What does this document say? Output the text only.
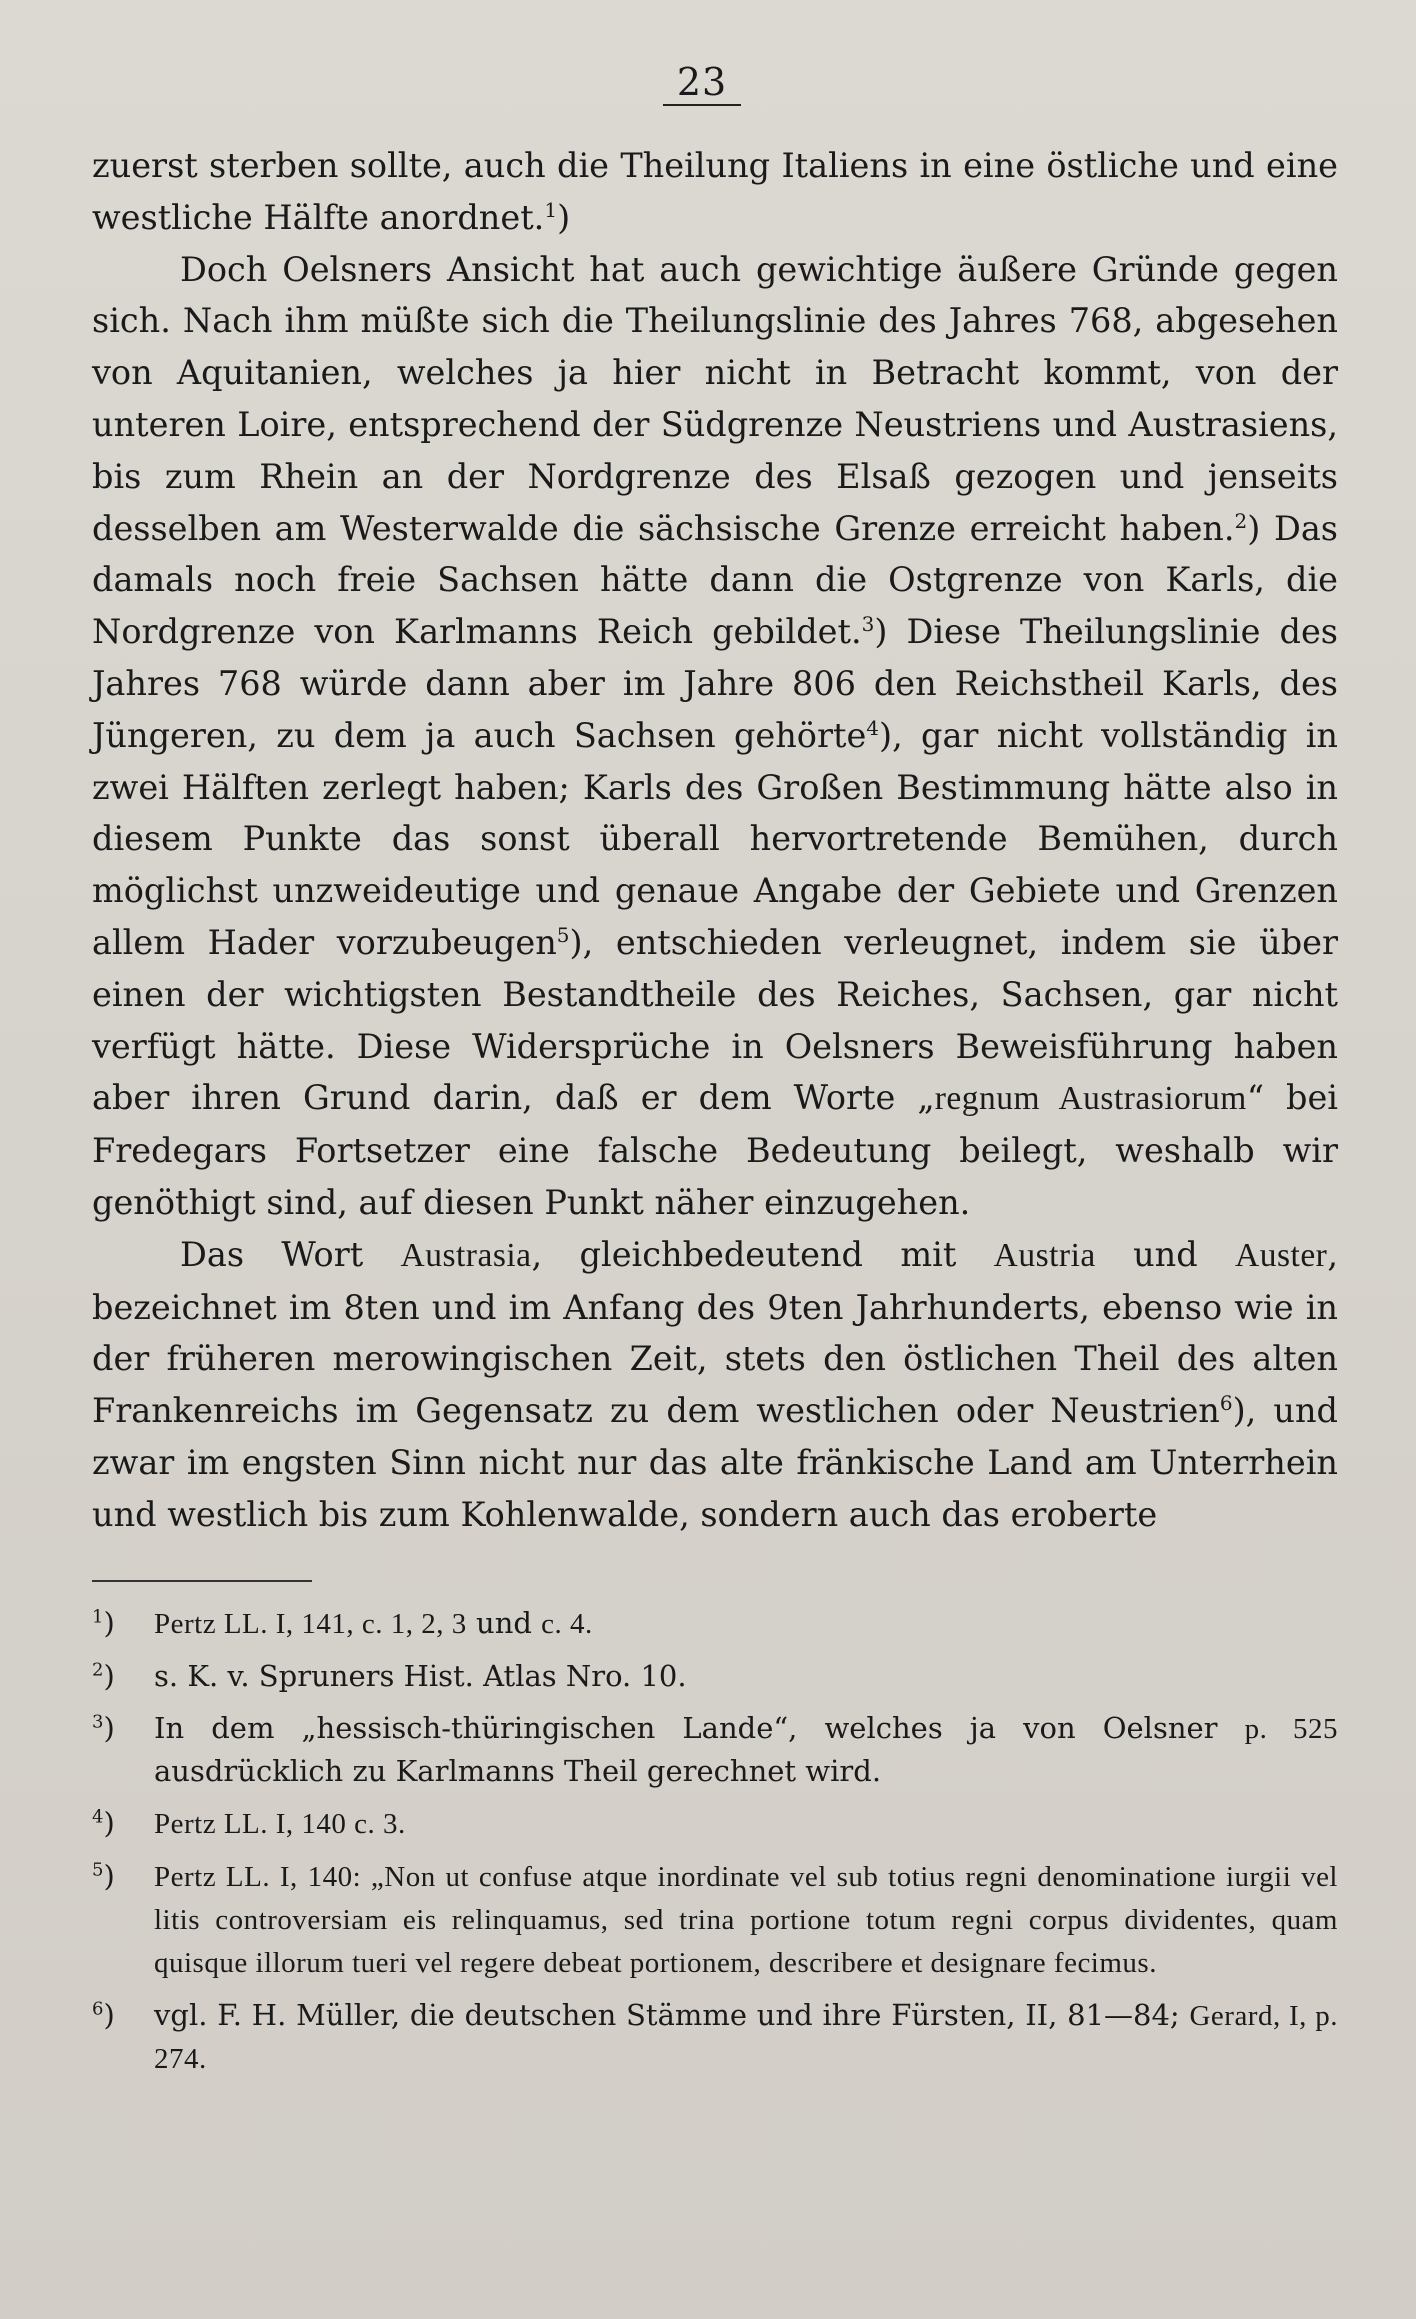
23

zuerst sterben sollte, auch die Theilung Italiens in eine östliche und eine westliche Hälfte anordnet.$^1$)

Doch Oelsners Ansicht hat auch gewichtige äußere Gründe gegen sich. Nach ihm müßte sich die Theilungslinie des Jahres 768, abgesehen von Aquitanien, welches ja hier nicht in Betracht kommt, von der unteren Loire, entsprechend der Südgrenze Neustriens und Austrasiens, bis zum Rhein an der Nordgrenze des Elsaß gezogen und jenseits desselben am Westerwalde die sächsische Grenze erreicht haben.$^2$) Das damals noch freie Sachsen hätte dann die Ostgrenze von Karls, die Nordgrenze von Karlmanns Reich gebildet.$^3$) Diese Theilungslinie des Jahres 768 würde dann aber im Jahre 806 den Reichstheil Karls, des Jüngeren, zu dem ja auch Sachsen gehörte$^4$), gar nicht vollständig in zwei Hälften zerlegt haben; Karls des Großen Bestimmung hätte also in diesem Punkte das sonst überall hervortretende Bemühen, durch möglichst unzweideutige und genaue Angabe der Gebiete und Grenzen allem Hader vorzubeugen$^5$), entschieden verleugnet, indem sie über einen der wichtigsten Bestandtheile des Reiches, Sachsen, gar nicht verfügt hätte. Diese Widersprüche in Oelsners Beweisführung haben aber ihren Grund darin, daß er dem Worte „regnum Austrasiorum“ bei Fredegars Fortsetzer eine falsche Bedeutung beilegt, weshalb wir genöthigt sind, auf diesen Punkt näher einzugehen.

Das Wort Austrasia, gleichbedeutend mit Austria und Auster, bezeichnet im 8ten und im Anfang des 9ten Jahrhunderts, ebenso wie in der früheren merowingischen Zeit, stets den östlichen Theil des alten Frankenreichs im Gegensatz zu dem westlichen oder Neustrien$^6$), und zwar im engsten Sinn nicht nur das alte fränkische Land am Unterrhein und westlich bis zum Kohlenwalde, sondern auch das eroberte

$^1$)	Pertz LL. I, 141, c. 1, 2, 3 und c. 4.
$^2$)	s. K. v. Spruners Hist. Atlas Nro. 10.
$^3$)	In dem „hessisch-thüringischen Lande“, welches ja von Oelsner p. 525 ausdrücklich zu Karlmanns Theil gerechnet wird.
$^4$)	Pertz LL. I, 140 c. 3.
$^5$)	Pertz LL. I, 140: „Non ut confuse atque inordinate vel sub totius regni denominatione iurgii vel litis controversiam eis relinquamus, sed trina portione totum regni corpus dividentes, quam quisque illorum tueri vel regere debeat portionem, describere et designare fecimus.
$^6$)	vgl. F. H. Müller, die deutschen Stämme und ihre Fürsten, II, 81—84; Gerard, I, p. 274.
